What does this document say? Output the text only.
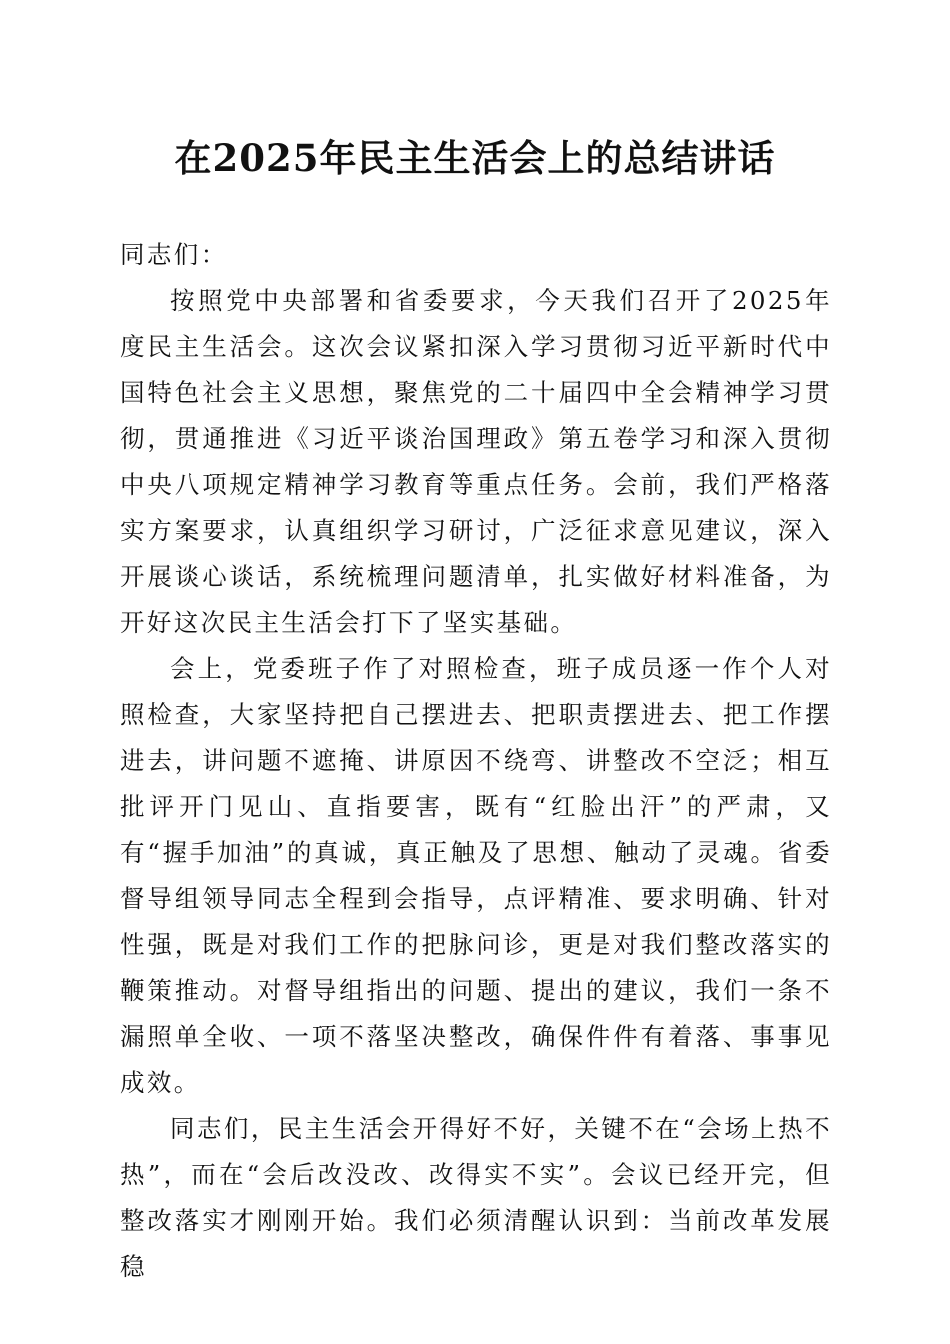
在2025年民主生活会上的总结讲话

同志们：

按照党中央部署和省委要求，今天我们召开了2025年度民主生活会。这次会议紧扣深入学习贯彻习近平新时代中国特色社会主义思想，聚焦党的二十届四中全会精神学习贯彻，贯通推进《习近平谈治国理政》第五卷学习和深入贯彻中央八项规定精神学习教育等重点任务。会前，我们严格落实方案要求，认真组织学习研讨，广泛征求意见建议，深入开展谈心谈话，系统梳理问题清单，扎实做好材料准备，为开好这次民主生活会打下了坚实基础。

会上，党委班子作了对照检查，班子成员逐一作个人对照检查，大家坚持把自己摆进去、把职责摆进去、把工作摆进去，讲问题不遮掩、讲原因不绕弯、讲整改不空泛；相互批评开门见山、直指要害，既有“红脸出汗”的严肃，又有“握手加油”的真诚，真正触及了思想、触动了灵魂。省委督导组领导同志全程到会指导，点评精准、要求明确、针对性强，既是对我们工作的把脉问诊，更是对我们整改落实的鞭策推动。对督导组指出的问题、提出的建议，我们一条不漏照单全收、一项不落坚决整改，确保件件有着落、事事见成效。

同志们，民主生活会开得好不好，关键不在“会场上热不热”，而在“会后改没改、改得实不实”。会议已经开完，但整改落实才刚刚开始。我们必须清醒认识到：当前改革发展稳
